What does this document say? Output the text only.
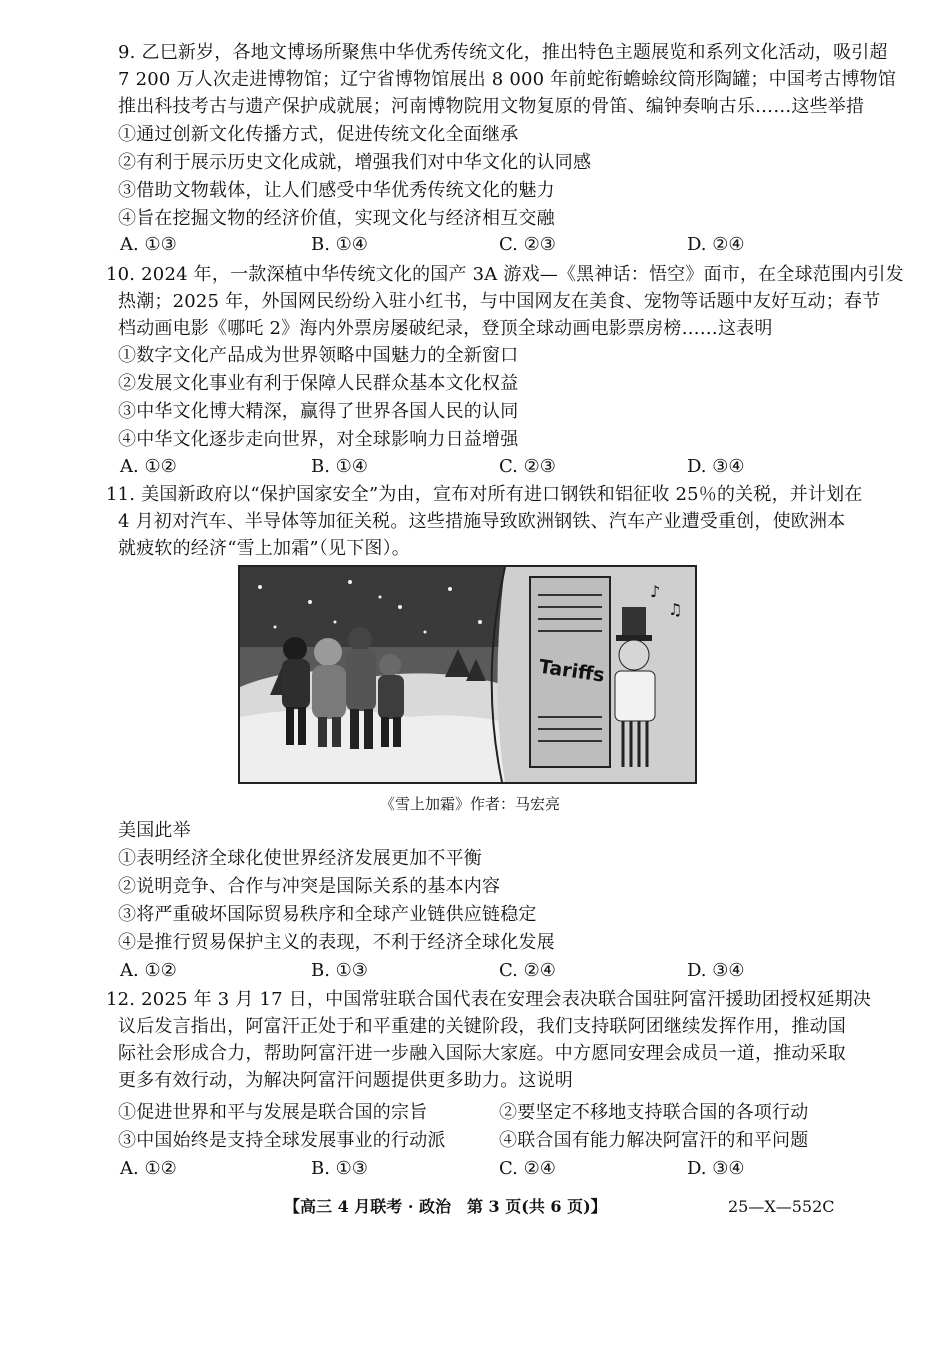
9. 乙巳新岁，各地文博场所聚焦中华优秀传统文化，推出特色主题展览和系列文化活动，吸引超
7 200 万人次走进博物馆；辽宁省博物馆展出 8 000 年前蛇衔蟾蜍纹筒形陶罐；中国考古博物馆
推出科技考古与遗产保护成就展；河南博物院用文物复原的骨笛、编钟奏响古乐……这些举措
①通过创新文化传播方式，促进传统文化全面继承
②有利于展示历史文化成就，增强我们对中华文化的认同感
③借助文物载体，让人们感受中华优秀传统文化的魅力
④旨在挖掘文物的经济价值，实现文化与经济相互交融
A. ①③	B. ①④	C. ②③	D. ②④
10. 2024 年，一款深植中华传统文化的国产 3A 游戏—《黑神话：悟空》面市，在全球范围内引发
热潮；2025 年，外国网民纷纷入驻小红书，与中国网友在美食、宠物等话题中友好互动；春节
档动画电影《哪吒 2》海内外票房屡破纪录，登顶全球动画电影票房榜……这表明
①数字文化产品成为世界领略中国魅力的全新窗口
②发展文化事业有利于保障人民群众基本文化权益
③中华文化博大精深，赢得了世界各国人民的认同
④中华文化逐步走向世界，对全球影响力日益增强
A. ①②	B. ①④	C. ②③	D. ③④
11. 美国新政府以“保护国家安全”为由，宣布对所有进口钢铁和铝征收 25％的关税，并计划在
4 月初对汽车、半导体等加征关税。这些措施导致欧洲钢铁、汽车产业遭受重创，使欧洲本
就疲软的经济“雪上加霜”（见下图）。
Tariffs
♪
♫
《雪上加霜》作者：马宏亮
美国此举
①表明经济全球化使世界经济发展更加不平衡
②说明竞争、合作与冲突是国际关系的基本内容
③将严重破坏国际贸易秩序和全球产业链供应链稳定
④是推行贸易保护主义的表现，不利于经济全球化发展
A. ①②	B. ①③	C. ②④	D. ③④
12. 2025 年 3 月 17 日，中国常驻联合国代表在安理会表决联合国驻阿富汗援助团授权延期决
议后发言指出，阿富汗正处于和平重建的关键阶段，我们支持联阿团继续发挥作用，推动国
际社会形成合力，帮助阿富汗进一步融入国际大家庭。中方愿同安理会成员一道，推动采取
更多有效行动，为解决阿富汗问题提供更多助力。这说明
①促进世界和平与发展是联合国的宗旨	②要坚定不移地支持联合国的各项行动
③中国始终是支持全球发展事业的行动派	④联合国有能力解决阿富汗的和平问题
A. ①②	B. ①③	C. ②④	D. ③④
【高三 4 月联考 · 政治　第 3 页(共 6 页)】	25—X—552C
